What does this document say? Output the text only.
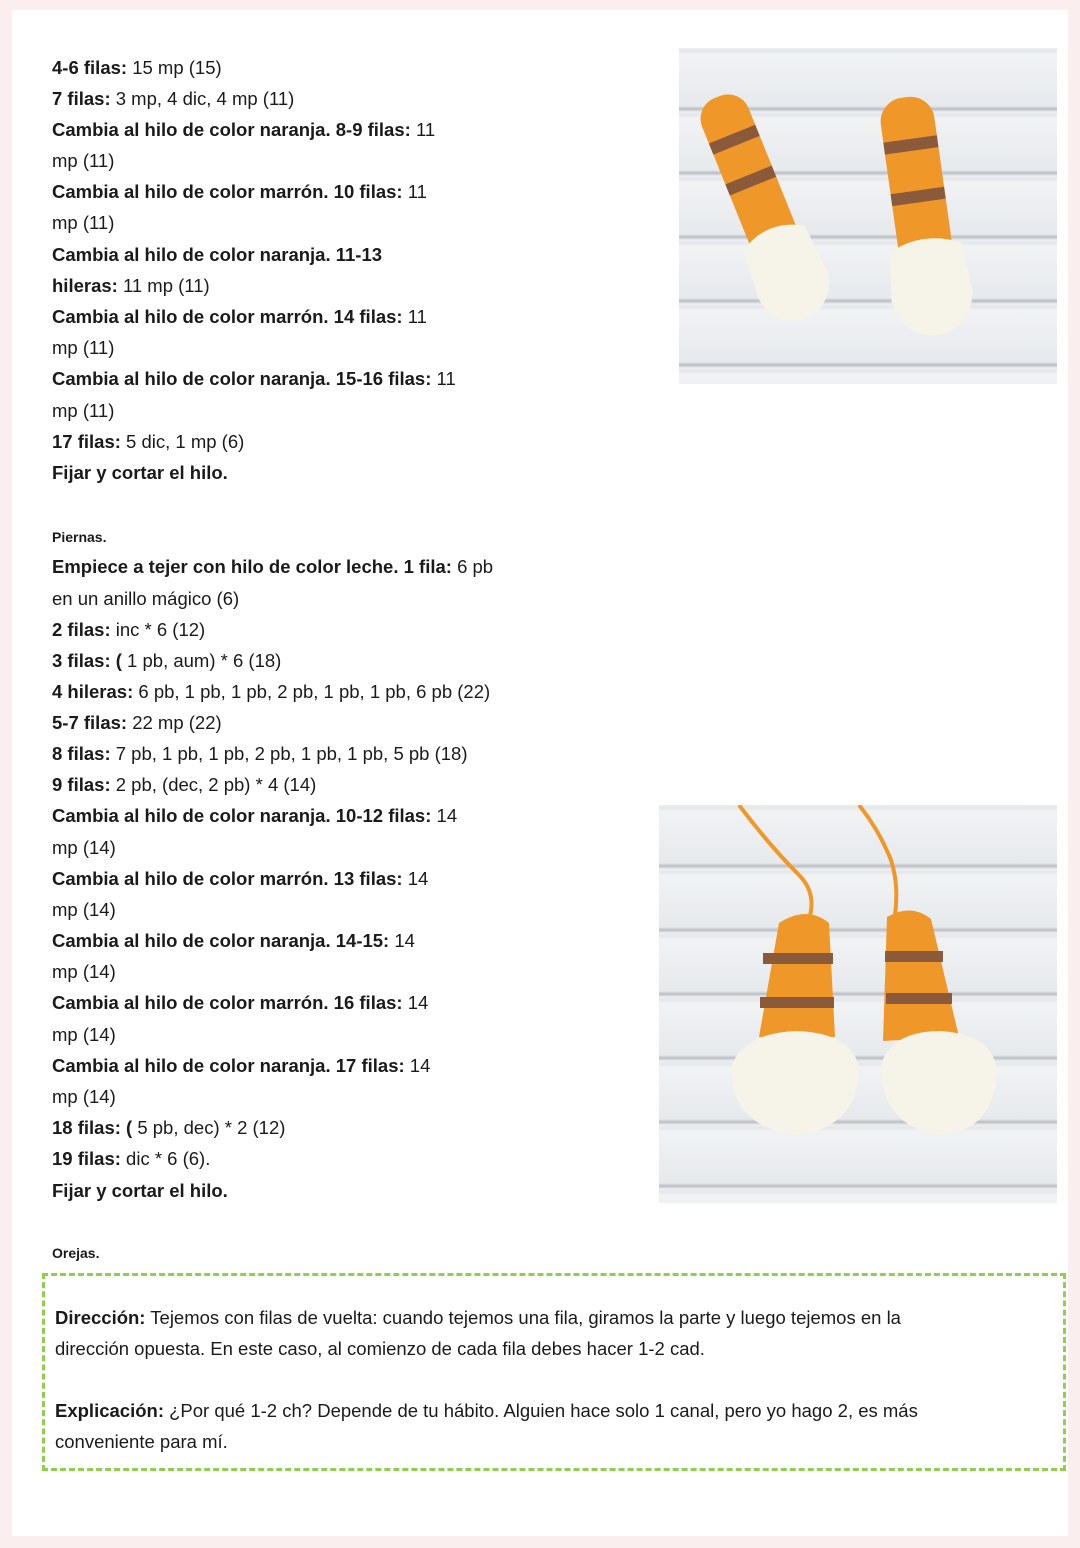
4-6 filas: 15 mp (15)
7 filas: 3 mp, 4 dic, 4 mp (11)
Cambia al hilo de color naranja. 8-9 filas: 11
mp (11)
Cambia al hilo de color marrón. 10 filas: 11
mp (11)
Cambia al hilo de color naranja. 11-13
hileras: 11 mp (11)
Cambia al hilo de color marrón. 14 filas: 11
mp (11)
Cambia al hilo de color naranja. 15-16 filas: 11
mp (11)
17 filas: 5 dic, 1 mp (6)
Fijar y cortar el hilo.
Piernas.
Empiece a tejer con hilo de color leche. 1 fila: 6 pb
en un anillo mágico (6)
2 filas: inc * 6 (12)
3 filas: ( 1 pb, aum) * 6 (18)
4 hileras: 6 pb, 1 pb, 1 pb, 2 pb, 1 pb, 1 pb, 6 pb (22)
5-7 filas: 22 mp (22)
8 filas: 7 pb, 1 pb, 1 pb, 2 pb, 1 pb, 1 pb, 5 pb (18)
9 filas: 2 pb, (dec, 2 pb) * 4 (14)
Cambia al hilo de color naranja. 10-12 filas: 14
mp (14)
Cambia al hilo de color marrón. 13 filas: 14
mp (14)
Cambia al hilo de color naranja. 14-15: 14
mp (14)
Cambia al hilo de color marrón. 16 filas: 14
mp (14)
Cambia al hilo de color naranja. 17 filas: 14
mp (14)
18 filas: ( 5 pb, dec) * 2 (12)
19 filas: dic * 6 (6).
Fijar y cortar el hilo.
Orejas.
Dirección: Tejemos con filas de vuelta: cuando tejemos una fila, giramos la parte y luego tejemos en la
dirección opuesta. En este caso, al comienzo de cada fila debes hacer 1-2 cad.
Explicación: ¿Por qué 1-2 ch? Depende de tu hábito. Alguien hace solo 1 canal, pero yo hago 2, es más
conveniente para mí.
